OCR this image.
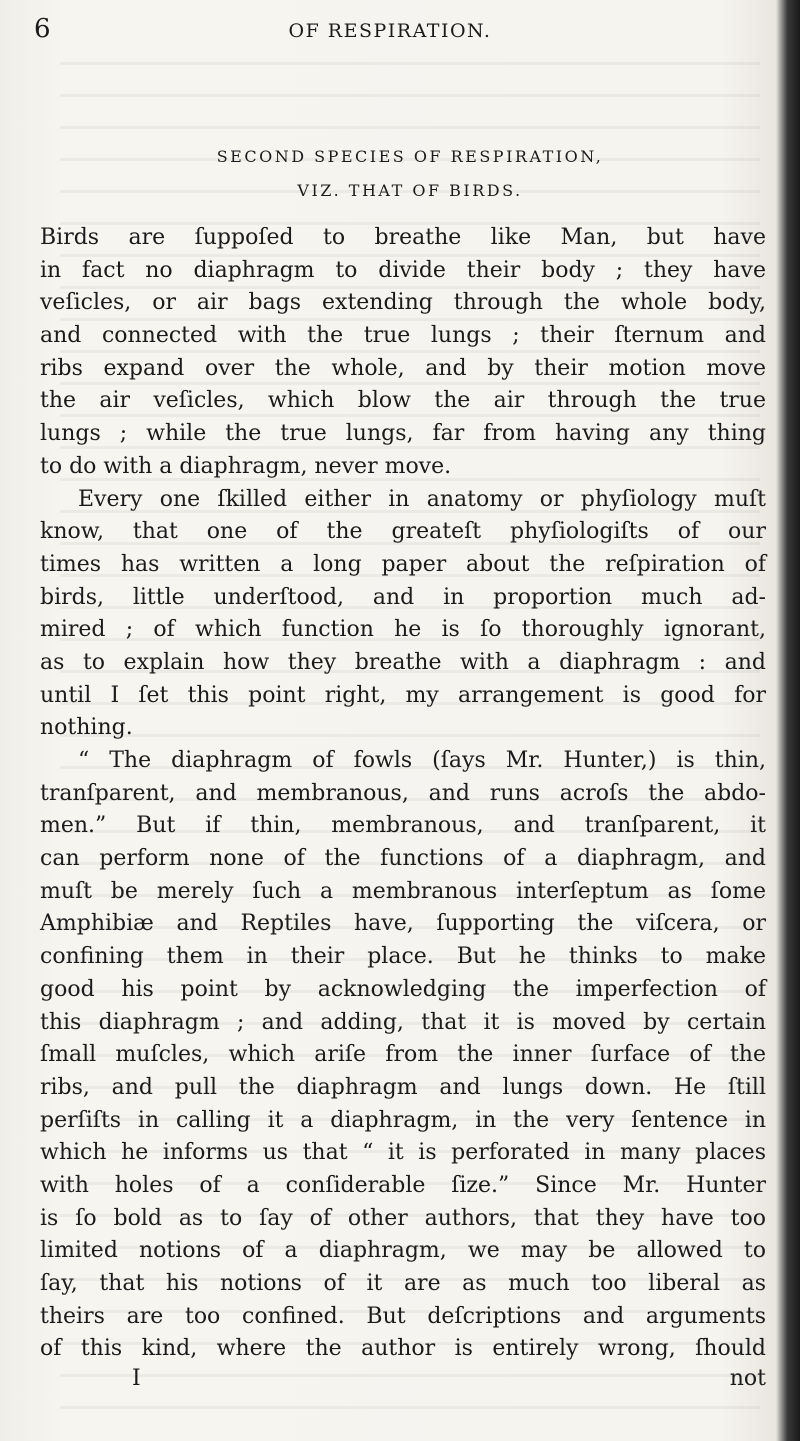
6	OF RESPIRATION.
SECOND SPECIES OF RESPIRATION,
VIZ. THAT OF BIRDS.
Birds are ſuppoſed to breathe like Man, but have
in fact no diaphragm to divide their body ; they have
veſicles, or air bags extending through the whole body,
and connected with the true lungs ; their ſternum and
ribs expand over the whole, and by their motion move
the air veſicles, which blow the air through the true
lungs ; while the true lungs, far from having any thing
to do with a diaphragm, never move.
Every one ſkilled either in anatomy or phyſiology muſt
know, that one of the greateſt phyſiologiſts of our
times has written a long paper about the reſpiration of
birds, little underſtood, and in proportion much ad-
mired ; of which function he is ſo thoroughly ignorant,
as to explain how they breathe with a diaphragm : and
until I ſet this point right, my arrangement is good for
nothing.
“ The diaphragm of fowls (ſays Mr. Hunter,) is thin,
tranſparent, and membranous, and runs acroſs the abdo-
men.” But if thin, membranous, and tranſparent, it
can perform none of the functions of a diaphragm, and
muſt be merely ſuch a membranous interſeptum as ſome
Amphibiæ and Reptiles have, ſupporting the viſcera, or
confining them in their place. But he thinks to make
good his point by acknowledging the imperfection of
this diaphragm ; and adding, that it is moved by certain
ſmall muſcles, which ariſe from the inner ſurface of the
ribs, and pull the diaphragm and lungs down. He ſtill
perſiſts in calling it a diaphragm, in the very ſentence in
which he informs us that “ it is perforated in many places
with holes of a conſiderable ſize.” Since Mr. Hunter
is ſo bold as to ſay of other authors, that they have too
limited notions of a diaphragm, we may be allowed to
ſay, that his notions of it are as much too liberal as
theirs are too confined. But deſcriptions and arguments
of this kind, where the author is entirely wrong, ſhould
I	not
